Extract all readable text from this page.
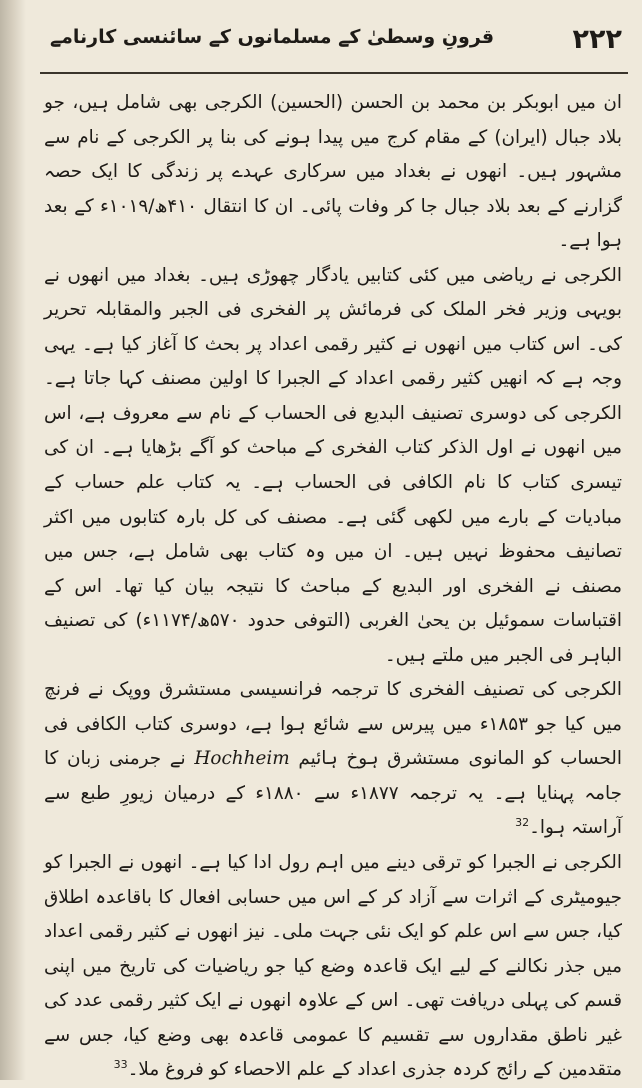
۲۲۲
قرونِ وسطیٰ کے مسلمانوں کے سائنسی کارنامے

ان میں ابوبکر بن محمد بن الحسن (الحسین) الکرجی بھی شامل ہیں، جو بلاد جبال (ایران) کے مقام کرج میں پیدا ہونے کی بنا پر الکرجی کے نام سے مشہور ہیں۔ انھوں نے بغداد میں سرکاری عہدے پر زندگی کا ایک حصہ گزارنے کے بعد بلاد جبال جا کر وفات پائی۔ ان کا انتقال ۴۱۰ھ/۱۰۱۹ء کے بعد ہوا ہے۔

الکرجی نے ریاضی میں کئی کتابیں یادگار چھوڑی ہیں۔ بغداد میں انھوں نے بویہی وزیر فخر الملک کی فرمائش پر الفخری فی الجبر والمقابلہ تحریر کی۔ اس کتاب میں انھوں نے کثیر رقمی اعداد پر بحث کا آغاز کیا ہے۔ یہی وجہ ہے کہ انھیں کثیر رقمی اعداد کے الجبرا کا اولین مصنف کہا جاتا ہے۔ الکرجی کی دوسری تصنیف البدیع فی الحساب کے نام سے معروف ہے، اس میں انھوں نے اول الذکر کتاب الفخری کے مباحث کو آگے بڑھایا ہے۔ ان کی تیسری کتاب کا نام الکافی فی الحساب ہے۔ یہ کتاب علم حساب کے مبادیات کے بارے میں لکھی گئی ہے۔ مصنف کی کل بارہ کتابوں میں اکثر تصانیف محفوظ نہیں ہیں۔ ان میں وہ کتاب بھی شامل ہے، جس میں مصنف نے الفخری اور البدیع کے مباحث کا نتیجہ بیان کیا تھا۔ اس کے اقتباسات سموئیل بن یحیٰ الغربی (التوفی حدود ۵۷۰ھ/۱۱۷۴ء) کی تصنیف الباہر فی الجبر میں ملتے ہیں۔

الکرجی کی تصنیف الفخری کا ترجمہ فرانسیسی مستشرق ووپک نے فرنچ میں کیا جو ۱۸۵۳ء میں پیرس سے شائع ہوا ہے، دوسری کتاب الکافی فی الحساب کو المانوی مستشرق ہوخ ہائیم Hochheim نے جرمنی زبان کا جامہ پہنایا ہے۔ یہ ترجمہ ۱۸۷۷ء سے ۱۸۸۰ء کے درمیان زیورِ طبع سے آراستہ ہوا۔$^{32}$

الکرجی نے الجبرا کو ترقی دینے میں اہم رول ادا کیا ہے۔ انھوں نے الجبرا کو جیومیٹری کے اثرات سے آزاد کر کے اس میں حسابی افعال کا باقاعدہ اطلاق کیا، جس سے اس علم کو ایک نئی جہت ملی۔ نیز انھوں نے کثیر رقمی اعداد میں جذر نکالنے کے لیے ایک قاعدہ وضع کیا جو ریاضیات کی تاریخ میں اپنی قسم کی پہلی دریافت تھی۔ اس کے علاوہ انھوں نے ایک کثیر رقمی عدد کی غیر ناطق مقداروں سے تقسیم کا عمومی قاعدہ بھی وضع کیا، جس سے متقدمین کے رائج کردہ جذری اعداد کے علم الاحصاء کو فروغ ملا۔$^{33}$
